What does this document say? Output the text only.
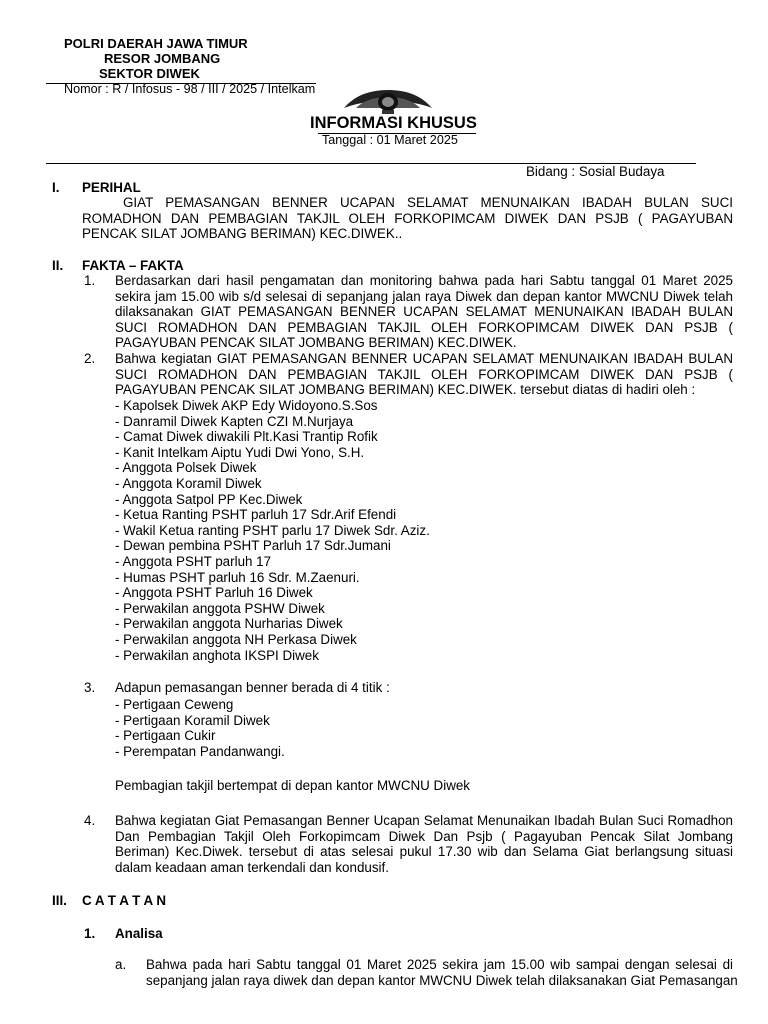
POLRI DAERAH JAWA TIMUR
RESOR JOMBANG
SEKTOR DIWEK
Nomor : R / Infosus - 98 / III / 2025 / Intelkam
INFORMASI KHUSUS
Tanggal : 01 Maret 2025
Bidang : Sosial Budaya
I. PERIHAL
GIAT PEMASANGAN BENNER UCAPAN SELAMAT MENUNAIKAN IBADAH BULAN SUCI ROMADHON DAN PEMBAGIAN TAKJIL OLEH FORKOPIMCAM DIWEK DAN PSJB ( PAGAYUBAN PENCAK SILAT JOMBANG BERIMAN) KEC.DIWEK..
II. FAKTA – FAKTA
1. Berdasarkan dari hasil pengamatan dan monitoring bahwa pada hari Sabtu tanggal 01 Maret 2025 sekira jam 15.00 wib s/d selesai di sepanjang jalan raya Diwek dan depan kantor MWCNU Diwek telah dilaksanakan GIAT PEMASANGAN BENNER UCAPAN SELAMAT MENUNAIKAN IBADAH BULAN SUCI ROMADHON DAN PEMBAGIAN TAKJIL OLEH FORKOPIMCAM DIWEK DAN PSJB ( PAGAYUBAN PENCAK SILAT JOMBANG BERIMAN) KEC.DIWEK.
2. Bahwa kegiatan GIAT PEMASANGAN BENNER UCAPAN SELAMAT MENUNAIKAN IBADAH BULAN SUCI ROMADHON DAN PEMBAGIAN TAKJIL OLEH FORKOPIMCAM DIWEK DAN PSJB ( PAGAYUBAN PENCAK SILAT JOMBANG BERIMAN) KEC.DIWEK. tersebut diatas di hadiri oleh :
- Kapolsek Diwek AKP Edy Widoyono.S.Sos
- Danramil Diwek Kapten CZI M.Nurjaya
- Camat Diwek diwakili Plt.Kasi Trantip Rofik
- Kanit Intelkam Aiptu Yudi Dwi Yono, S.H.
- Anggota Polsek Diwek
- Anggota Koramil Diwek
- Anggota Satpol PP Kec.Diwek
- Ketua Ranting PSHT parluh 17 Sdr.Arif Efendi
- Wakil Ketua ranting PSHT parlu 17 Diwek Sdr. Aziz.
- Dewan pembina PSHT Parluh 17 Sdr.Jumani
- Anggota PSHT parluh 17
- Humas PSHT parluh 16 Sdr. M.Zaenuri.
- Anggota PSHT Parluh 16 Diwek
- Perwakilan anggota PSHW Diwek
- Perwakilan anggota Nurharias Diwek
- Perwakilan anggota NH Perkasa Diwek
- Perwakilan anghota IKSPI Diwek
3. Adapun pemasangan benner berada di 4 titik :
- Pertigaan Ceweng
- Pertigaan Koramil Diwek
- Pertigaan Cukir
- Perempatan Pandanwangi.
Pembagian takjil bertempat di depan kantor MWCNU Diwek
4. Bahwa kegiatan Giat Pemasangan Benner Ucapan Selamat Menunaikan Ibadah Bulan Suci Romadhon Dan Pembagian Takjil Oleh Forkopimcam Diwek Dan Psjb ( Pagayuban Pencak Silat Jombang Beriman) Kec.Diwek. tersebut di atas selesai pukul 17.30 wib dan Selama Giat berlangsung situasi dalam keadaan aman terkendali dan kondusif.
III. C A T A T A N
1. Analisa
a. Bahwa pada hari Sabtu tanggal 01 Maret 2025 sekira jam 15.00 wib sampai dengan selesai di
sepanjang jalan raya diwek dan depan kantor MWCNU Diwek telah dilaksanakan Giat Pemasangan
